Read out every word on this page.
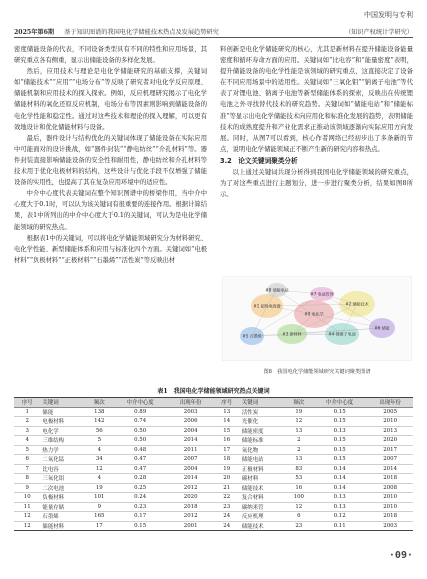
中国发明与专利
2025年第6期 基于知识图谱的我国电化学储能技术热点及发展趋势研究	（知识产权统计学研究）

密度储能设备的代表，不同设备类型具有不同的特性和应用场景，其研究重点各有侧重，显示出储能设备的多样化发展。

然后，应用技术与理论是电化学储能研究的基础支撑，关键词如“储能技术”“应用”“电场分布”等反映了研究者对电化学反应原理、储能机制和应用技术的探入探索。例如，反应机理研究揭示了电化学储能材料的氧化还原反应机制，电场分布等因素则影响到储能设备的电化学性能和稳定性。通过对这些技术和理论的探入理解，可以更有效地设计和优化储能材料与设备。

最后，器件设计与结构优化的关键词体现了储能设备在实际应用中可能面对的设计挑战，如“器件封装”“静电纺丝”“介孔材料”等。器件封装直接影响储能设备的安全性和耐用性，静电纺丝和介孔材料等技术用于优化电极材料的结构，这些设计与优化手段不仅增强了储能设备的实用性，也提高了其在复杂应用环境中的适应性。

中介中心度代表关键词在整个知识图谱中的桥梁作用，当中介中心度大于0.1时，可以认为该关键词有很重要的连接作用。根据计算结果，表1中所列出的中介中心度大于0.1的关键词，可认为是电化学储能领域的研究热点。

根据表1中的关键词，可以将电化学储能领域研究分为材料研究、电化学性能、新型储能体系和应用与标准化四个方面。关键词如“电极材料”“负极材料”“正极材料”“石墨烯”“活性炭”等反映出材

料创新是电化学储能研究的核心，尤其是新材料在提升储能设备能量密度和循环寿命方面的应用。关键词如“比电容”和“能量密度”表明，提升储能设备的电化学性能是该领域的研究重点，这直接决定了设备在不同应用场景中的适用性。关键词如“三氧化钼”“钠离子电池”等代表了对锂电池、钠离子电池等新型储能体系的探索，反映出在传统锂电池之外寻找替代技术的研究趋势。关键词如“储能电站”和“储能标准”等显示出电化学储能技术向应用化和标准化发展的趋势，表明储能技术的成熟度提升和产业化需求正推动该领域逐渐向实际应用方向发展。同时，从图7可以看到，核心作者网络已经初步出了多条新的节点，说明电化学储能领域正不断产生新的研究内容和热点。

3.2　论文关键词聚类分析

以上通过关键词共现分析得到我国电化学储能领域的研究重点，为了对这些重点进行主题划分，进一步进行聚类分析，结果如图8所示。

#0 电化学
#1 超级电容器	#2 储能技术
#3 新材料	#4 锂离子电池
#5 石墨烯
#6 储能
#7 电池管理
#8 储能电站
图8　我国电化学储能领域研究关键词聚类图谱
表1　我国电化学储能领域研究热点关键词
序号	关键词	频次	中介中心度	出现年份	序号	关键词	频次	中介中心度	出现年份
1	储能	138	0.89	2003	13	活性炭	19	0.15	2005
2	电极材料	142	0.74	2006	14	光催化	12	0.15	2010
3	电化学	56	0.50	2004	15	储能密度	13	0.13	2013
4	三维结构	5	0.50	2014	16	储能标准	2	0.15	2020
5	热力学	4	0.48	2011	17	氧化物	2	0.15	2017
6	二氧化锰	34	0.47	2007	18	储能电站	13	0.15	2007
7	比电容	12	0.47	2004	19	正极材料	83	0.14	2014
8	三氧化钼	4	0.28	2014	20	碳材料	53	0.14	2018
9	二次电池	19	0.25	2012	21	储能技术	16	0.14	2008
10	负极材料	101	0.24	2020	22	复合材料	100	0.13	2010
11	能量存储	9	0.23	2018	23	碳纳米管	12	0.13	2010
12	石墨烯	165	0.17	2012	24	反应机理	6	0.12	2018
12	储能材料	17	0.15	2001	24	储能技术	23	0.11	2003
·09·
